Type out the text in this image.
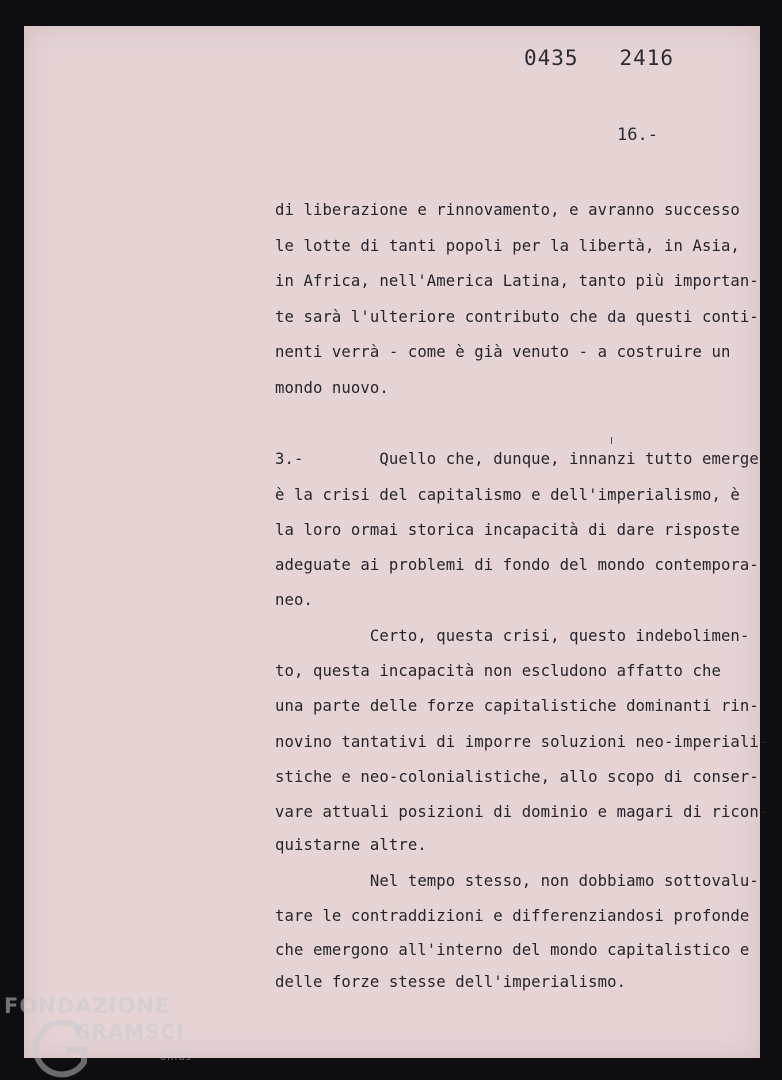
0435   2416
16.-
di liberazione e rinnovamento, e avranno successo
le lotte di tanti popoli per la libertà, in Asia,
in Africa, nell'America Latina, tanto più importan-
te sarà l'ulteriore contributo che da questi conti-
nenti verrà - come è già venuto - a costruire un
mondo nuovo.
3.-        Quello che, dunque, innanzi tutto emerge
è la crisi del capitalismo e dell'imperialismo, è
la loro ormai storica incapacità di dare risposte
adeguate ai problemi di fondo del mondo contempora-
neo.
Certo, questa crisi, questo indebolimen-
to, questa incapacità non escludono affatto che
una parte delle forze capitalistiche dominanti rin-
novino tantativi di imporre soluzioni neo-imperiali-
stiche e neo-colonialistiche, allo scopo di conser-
vare attuali posizioni di dominio e magari di ricon-
quistarne altre.
Nel tempo stesso, non dobbiamo sottovalu-
tare le contraddizioni e differenziandosi profonde
che emergono all'interno del mondo capitalistico e
delle forze stesse dell'imperialismo.
FONDAZIONE
GRAMSCI
onlus
